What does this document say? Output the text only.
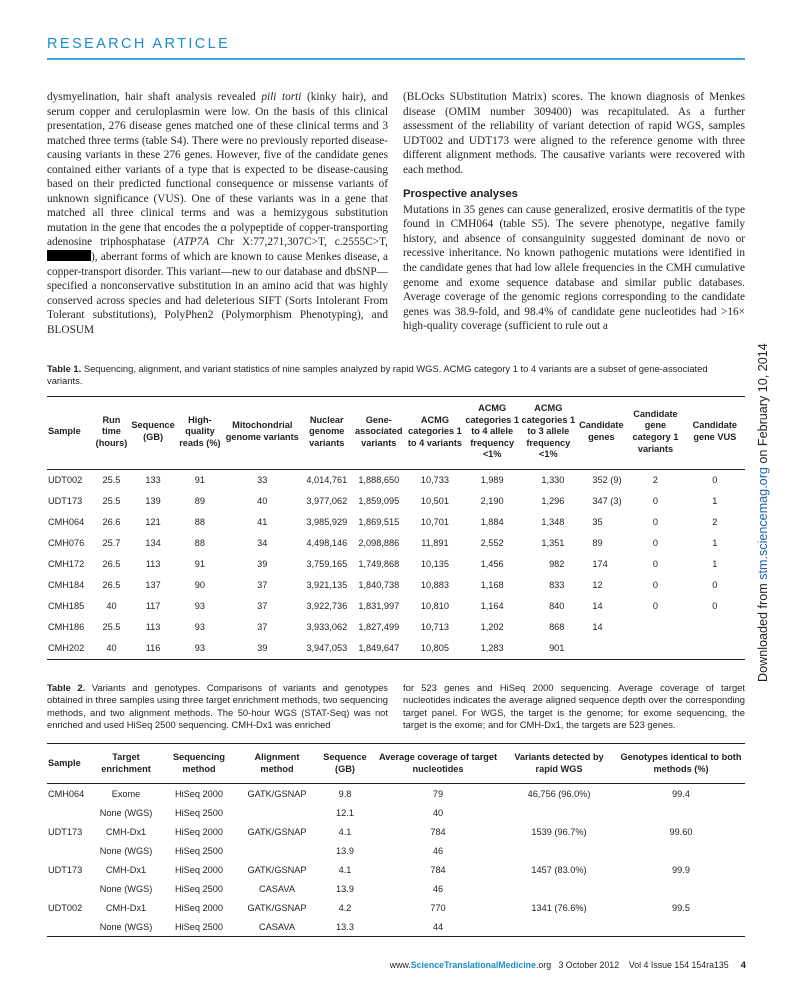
RESEARCH ARTICLE

dysmyelination, hair shaft analysis revealed pili torti (kinky hair), and serum copper and ceruloplasmin were low. On the basis of this clinical presentation, 276 disease genes matched one of these clinical terms and 3 matched three terms (table S4). There were no previously reported disease-causing variants in these 276 genes. However, five of the candidate genes contained either variants of a type that is expected to be disease-causing based on their predicted functional consequence or missense variants of unknown significance (VUS). One of these variants was in a gene that matched all three clinical terms and was a hemizygous substitution mutation in the gene that encodes the α polypeptide of copper-transporting adenosine triphosphatase (ATP7A Chr X:77,271,307C>T, c.2555C>T, ), aberrant forms of which are known to cause Menkes disease, a copper-transport disorder. This variant—new to our database and dbSNP—specified a nonconservative substitution in an amino acid that was highly conserved across species and had deleterious SIFT (Sorts Intolerant From Tolerant substitutions), PolyPhen2 (Polymorphism Phenotyping), and BLOSUM

(BLOcks SUbstitution Matrix) scores. The known diagnosis of Menkes disease (OMIM number 309400) was recapitulated. As a further assessment of the reliability of variant detection of rapid WGS, samples UDT002 and UDT173 were aligned to the reference genome with three different alignment methods. The causative variants were recovered with each method.

Prospective analyses

Mutations in 35 genes can cause generalized, erosive dermatitis of the type found in CMH064 (table S5). The severe phenotype, negative family history, and absence of consanguinity suggested dominant de novo or recessive inheritance. No known pathogenic mutations were identified in the candidate genes that had low allele frequencies in the CMH cumulative genome and exome sequence database and similar public databases. Average coverage of the genomic regions corresponding to the candidate genes was 38.9-fold, and 98.4% of candidate gene nucleotides had >16× high-quality coverage (sufficient to rule out a

Downloaded from stm.sciencemag.org on February 10, 2014
Table 1. Sequencing, alignment, and variant statistics of nine samples analyzed by rapid WGS. ACMG category 1 to 4 variants are a subset of gene-associated variants.
Sample	Run time (hours)	Sequence (GB)	High-quality reads (%)	Mitochondrial genome variants	Nuclear genome variants	Gene-associated variants	ACMG categories 1 to 4 variants	ACMG categories 1 to 4 allele frequency <1%	ACMG categories 1 to 3 allele frequency <1%	Candidate genes	Candidate gene category 1 variants	Candidate gene VUS
UDT002	25.5	133	91	33	4,014,761	1,888,650	10,733	1,989	1,330	352 (9)	2	0
UDT173	25.5	139	89	40	3,977,062	1,859,095	10,501	2,190	1,296	347 (3)	0	1
CMH064	26.6	121	88	41	3,985,929	1,869,515	10,701	1,884	1,348	35	0	2
CMH076	25.7	134	88	34	4,498,146	2,098,886	11,891	2,552	1,351	89	0	1
CMH172	26.5	113	91	39	3,759,165	1,749,868	10,135	1,456	982	174	0	1
CMH184	26.5	137	90	37	3,921,135	1,840,738	10,883	1,168	833	12	0	0
CMH185	40	117	93	37	3,922,736	1,831,997	10,810	1,164	840	14	0	0
CMH186	25.5	113	93	37	3,933,062	1,827,499	10,713	1,202	868	14		
CMH202	40	116	93	39	3,947,053	1,849,647	10,805	1,283	901			
Table 2. Variants and genotypes. Comparisons of variants and genotypes obtained in three samples using three target enrichment methods, two sequencing methods, and two alignment methods. The 50-hour WGS (STAT-Seq) was not enriched and used HiSeq 2500 sequencing. CMH-Dx1 was enriched
for 523 genes and HiSeq 2000 sequencing. Average coverage of target nucleotides indicates the average aligned sequence depth over the corresponding target panel. For WGS, the target is the genome; for exome sequencing, the target is the exome; and for CMH-Dx1, the targets are 523 genes.
Sample	Target enrichment	Sequencing method	Alignment method	Sequence (GB)	Average coverage of target nucleotides	Variants detected by rapid WGS	Genotypes identical to both methods (%)
CMH064	Exome	HiSeq 2000	GATK/GSNAP	9.8	79	46,756 (96.0%)	99.4
	None (WGS)	HiSeq 2500		12.1	40		
UDT173	CMH-Dx1	HiSeq 2000	GATK/GSNAP	4.1	784	1539 (96.7%)	99.60
	None (WGS)	HiSeq 2500		13.9	46		
UDT173	CMH-Dx1	HiSeq 2000	GATK/GSNAP	4.1	784	1457 (83.0%)	99.9
	None (WGS)	HiSeq 2500	CASAVA	13.9	46		
UDT002	CMH-Dx1	HiSeq 2000	GATK/GSNAP	4.2	770	1341 (76.6%)	99.5
	None (WGS)	HiSeq 2500	CASAVA	13.3	44		
www.ScienceTranslationalMedicine.org 3 October 2012    Vol 4 Issue 154 154ra135 4
